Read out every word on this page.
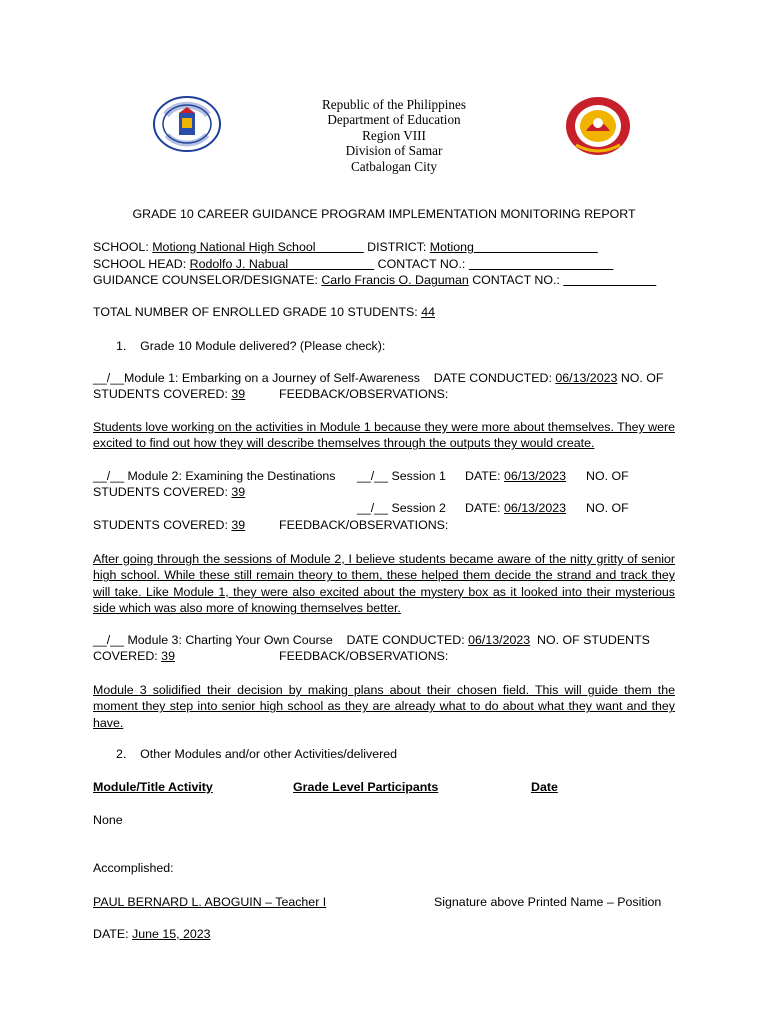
Republic of the Philippines
Department of Education
Region VIII
Division of Samar
Catbalogan City
GRADE 10 CAREER GUIDANCE PROGRAM IMPLEMENTATION MONITORING REPORT
SCHOOL: Motiong National High School	DISTRICT: Motiong
SCHOOL HEAD: Rodolfo J. Nabual	CONTACT NO.:
GUIDANCE COUNSELOR/DESIGNATE: Carlo Francis O. Daguman CONTACT NO.:
TOTAL NUMBER OF ENROLLED GRADE 10 STUDENTS: 44
1. Grade 10 Module delivered? (Please check):
__/__Module 1: Embarking on a Journey of Self-Awareness DATE CONDUCTED: 06/13/2023 NO. OF
STUDENTS COVERED: 39	FEEDBACK/OBSERVATIONS:
Students love working on the activities in Module 1 because they were more about themselves. They were excited to find out how they will describe themselves through the outputs they would create.
__/__ Module 2: Examining the Destinations __/__ Session 1 DATE: 06/13/2023 NO. OF
STUDENTS COVERED: 39
__/__ Session 2 DATE: 06/13/2023 NO. OF
STUDENTS COVERED: 39	FEEDBACK/OBSERVATIONS:
After going through the sessions of Module 2, I believe students became aware of the nitty gritty of senior high school. While these still remain theory to them, these helped them decide the strand and track they will take. Like Module 1, they were also excited about the mystery box as it looked into their mysterious side which was also more of knowing themselves better.
__/__ Module 3: Charting Your Own Course DATE CONDUCTED: 06/13/2023 NO. OF STUDENTS
COVERED: 39	FEEDBACK/OBSERVATIONS:
Module 3 solidified their decision by making plans about their chosen field. This will guide them the moment they step into senior high school as they are already what to do about what they want and they have.
2. Other Modules and/or other Activities/delivered
Module/Title Activity	Grade Level Participants	Date
None
Accomplished:
PAUL BERNARD L. ABOGUIN – Teacher I	Signature above Printed Name – Position
DATE: June 15, 2023
